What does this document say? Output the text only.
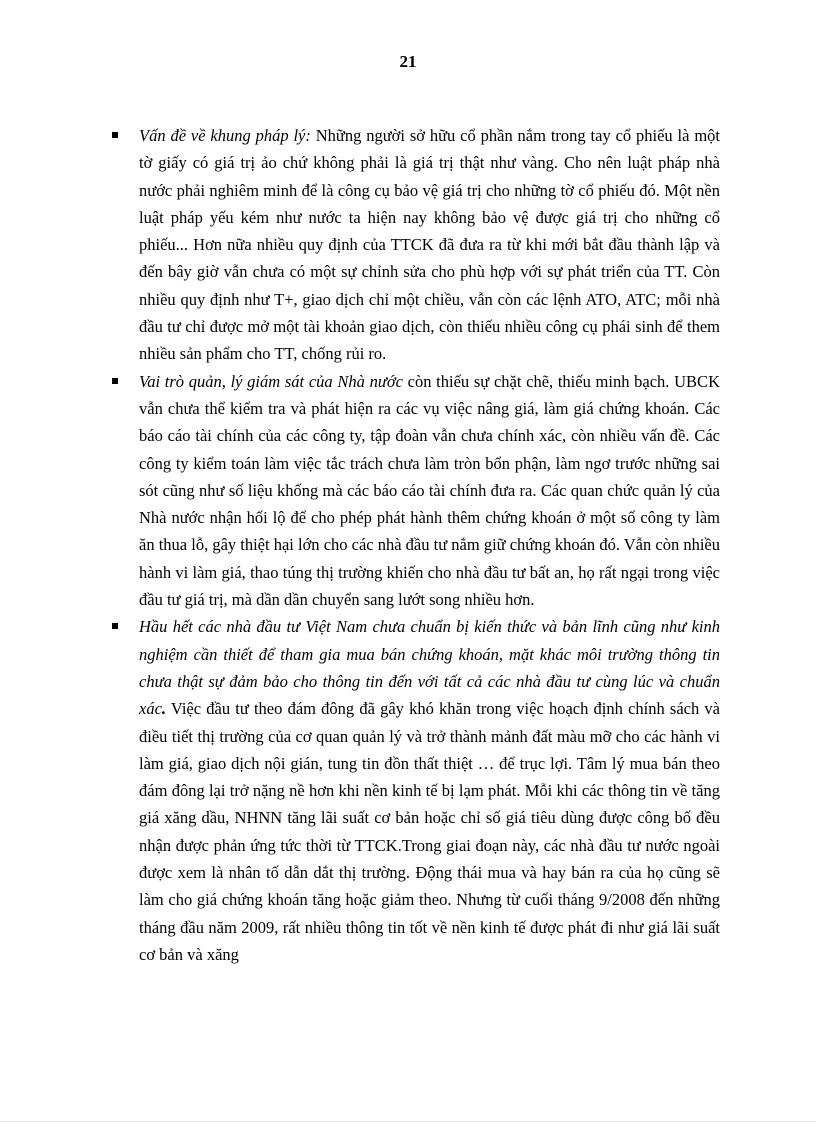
21
Vấn đề về khung pháp lý: Những người sở hữu cổ phần nắm trong tay cổ phiếu là một tờ giấy có giá trị ảo chứ không phải là giá trị thật như vàng. Cho nên luật pháp nhà nước phải nghiêm minh để là công cụ bảo vệ giá trị cho những tờ cổ phiếu đó. Một nền luật pháp yếu kém như nước ta hiện nay không bảo vệ được giá trị cho những cổ phiếu... Hơn nữa nhiều quy định của TTCK đã đưa ra từ khi mới bắt đầu thành lập và đến bây giờ vẫn chưa có một sự chỉnh sửa cho phù hợp với sự phát triển của TT. Còn nhiều quy định như T+, giao dịch chỉ một chiều, vẫn còn các lệnh ATO, ATC; mỗi nhà đầu tư chỉ được mở một tài khoản giao dịch, còn thiếu nhiều công cụ phái sinh để them nhiều sản phẩm cho TT, chống rủi ro.
Vai trò quản, lý giám sát của Nhà nước còn thiếu sự chặt chẽ, thiếu minh bạch. UBCK vẫn chưa thể kiểm tra và phát hiện ra các vụ việc nâng giá, làm giá chứng khoán. Các báo cáo tài chính của các công ty, tập đoàn vẫn chưa chính xác, còn nhiều vấn đề. Các công ty kiểm toán làm việc tắc trách chưa làm tròn bổn phận, làm ngơ trước những sai sót cũng như số liệu khống mà các báo cáo tài chính đưa ra. Các quan chức quản lý của Nhà nước nhận hối lộ để cho phép phát hành thêm chứng khoán ở một số công ty làm ăn thua lỗ, gây thiệt hại lớn cho các nhà đầu tư nắm giữ chứng khoán đó. Vẫn còn nhiều hành vi làm giá, thao túng thị trường khiến cho nhà đầu tư bất an, họ rất ngại trong việc đầu tư giá trị, mà dần dần chuyển sang lướt song nhiều hơn.
Hầu hết các nhà đầu tư Việt Nam chưa chuẩn bị kiến thức và bản lĩnh cũng như kinh nghiệm cần thiết để tham gia mua bán chứng khoán, mặt khác môi trường thông tin chưa thật sự đảm bảo cho thông tin đến với tất cả các nhà đầu tư cùng lúc và chuẩn xác. Việc đầu tư theo đám đông đã gây khó khăn trong việc hoạch định chính sách và điều tiết thị trường của cơ quan quản lý và trở thành mảnh đất màu mỡ cho các hành vi làm giá, giao dịch nội gián, tung tin đồn thất thiệt … để trục lợi. Tâm lý mua bán theo đám đông lại trở nặng nề hơn khi nền kinh tế bị lạm phát. Mỗi khi các thông tin về tăng giá xăng dầu, NHNN tăng lãi suất cơ bản hoặc chỉ số giá tiêu dùng được công bố đều nhận được phản ứng tức thời từ TTCK.Trong giai đoạn này, các nhà đầu tư nước ngoài được xem là nhân tố dẫn dắt thị trường. Động thái mua và hay bán ra của họ cũng sẽ làm cho giá chứng khoán tăng hoặc giảm theo. Nhưng từ cuối tháng 9/2008 đến những tháng đầu năm 2009, rất nhiều thông tin tốt về nền kinh tế được phát đi như giá lãi suất cơ bản và xăng
